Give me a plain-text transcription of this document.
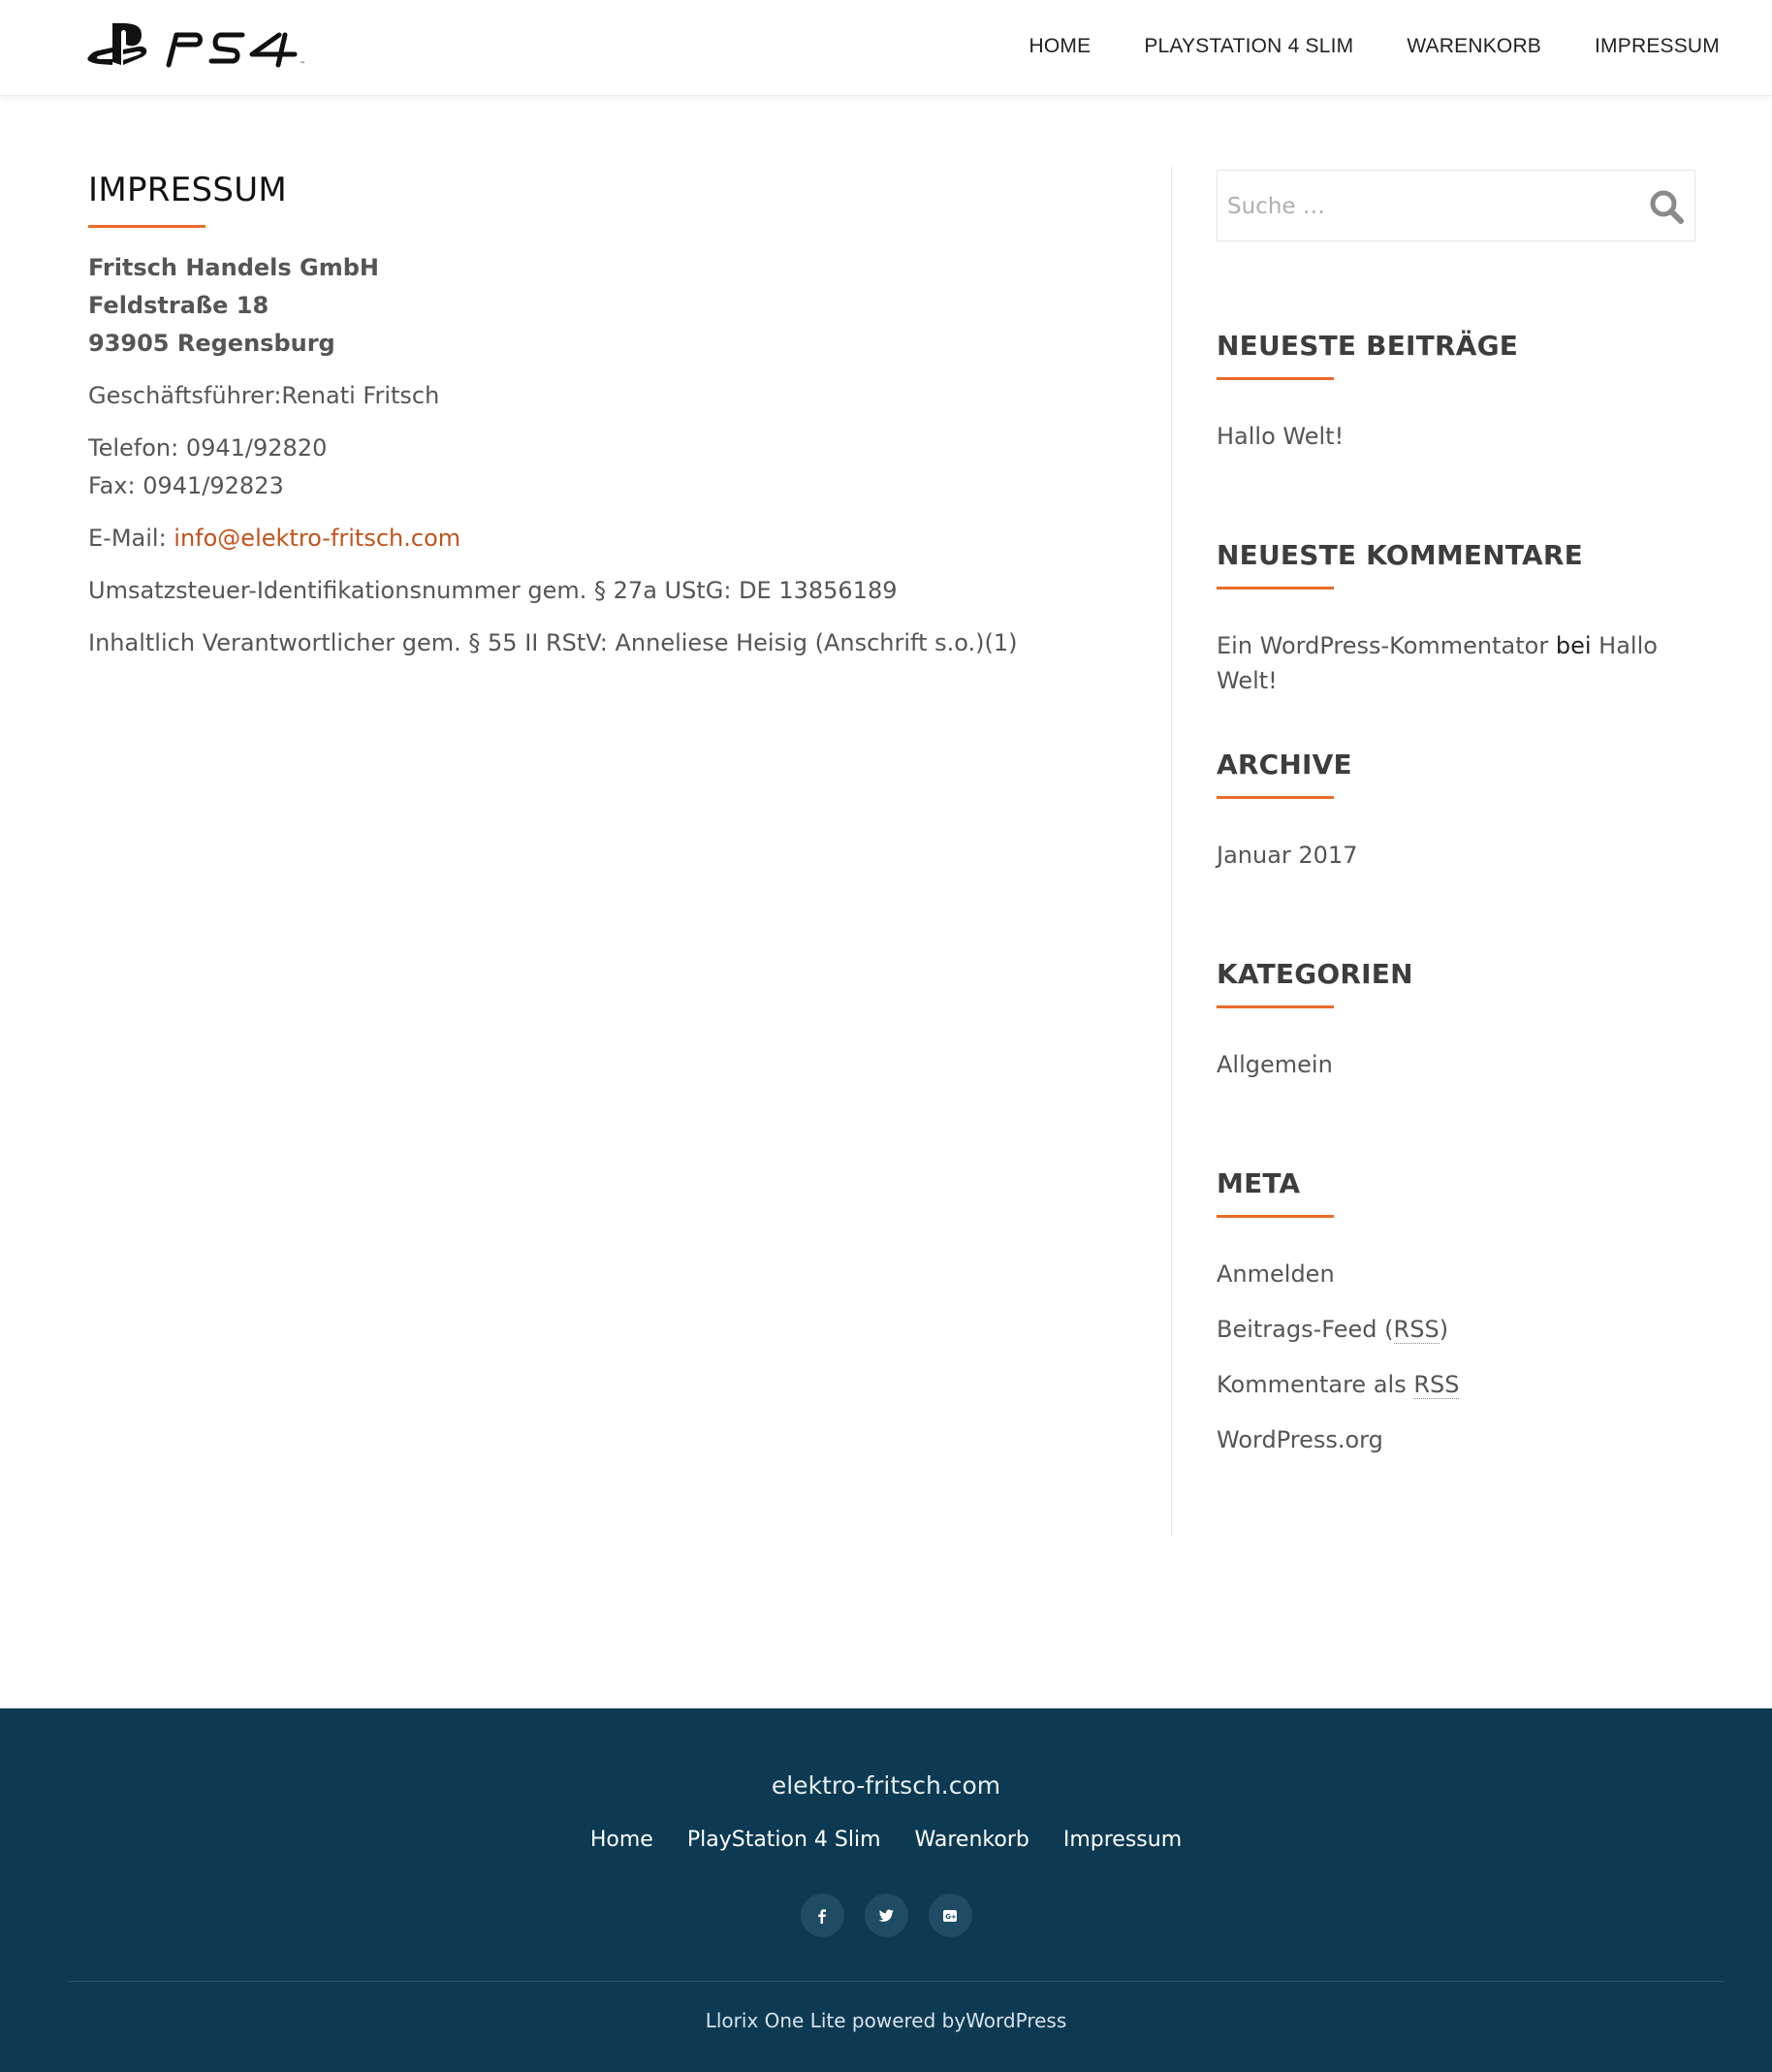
™
HOME	PLAYSTATION 4 SLIM	WARENKORB	IMPRESSUM
IMPRESSUM

Fritsch Handels GmbH
Feldstraße 18
93905 Regensburg

Geschäftsführer:Renati Fritsch

Telefon: 0941/92820
Fax: 0941/92823

E-Mail: info@elektro-fritsch.com

Umsatzsteuer-Identifikationsnummer gem. § 27a UStG: DE 13856189

Inhaltlich Verantwortlicher gem. § 55 II RStV: Anneliese Heisig (Anschrift s.o.)(1)

Suche …
NEUESTE BEITRÄGE
Hallo Welt!
NEUESTE KOMMENTARE
Ein WordPress-Kommentator bei Hallo Welt!
ARCHIVE
Januar 2017
KATEGORIEN
Allgemein
META
Anmelden
Beitrags-Feed (RSS)
Kommentare als RSS
WordPress.org
elektro-fritsch.com
Home PlayStation 4 Slim Warenkorb Impressum
G+
Llorix One Lite powered byWordPress
